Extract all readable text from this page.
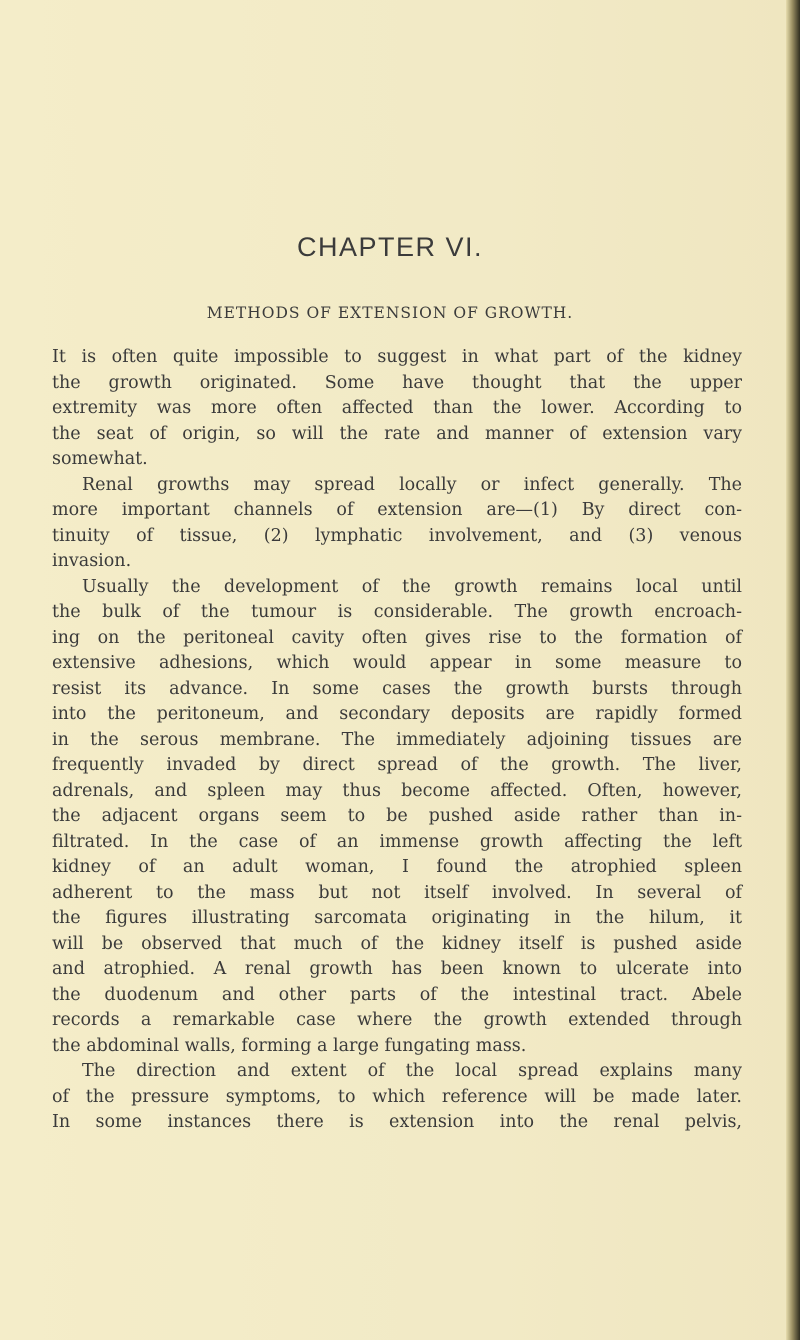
CHAPTER VI.
METHODS OF EXTENSION OF GROWTH.
It is often quite impossible to suggest in what part of the kidney
the growth originated. Some have thought that the upper
extremity was more often affected than the lower. According to
the seat of origin, so will the rate and manner of extension vary
somewhat.
Renal growths may spread locally or infect generally. The
more important channels of extension are—(1) By direct con-
tinuity of tissue, (2) lymphatic involvement, and (3) venous
invasion.
Usually the development of the growth remains local until
the bulk of the tumour is considerable. The growth encroach-
ing on the peritoneal cavity often gives rise to the formation of
extensive adhesions, which would appear in some measure to
resist its advance. In some cases the growth bursts through
into the peritoneum, and secondary deposits are rapidly formed
in the serous membrane. The immediately adjoining tissues are
frequently invaded by direct spread of the growth. The liver,
adrenals, and spleen may thus become affected. Often, however,
the adjacent organs seem to be pushed aside rather than in-
filtrated. In the case of an immense growth affecting the left
kidney of an adult woman, I found the atrophied spleen
adherent to the mass but not itself involved. In several of
the figures illustrating sarcomata originating in the hilum, it
will be observed that much of the kidney itself is pushed aside
and atrophied. A renal growth has been known to ulcerate into
the duodenum and other parts of the intestinal tract. Abele
records a remarkable case where the growth extended through
the abdominal walls, forming a large fungating mass.
The direction and extent of the local spread explains many
of the pressure symptoms, to which reference will be made later.
In some instances there is extension into the renal pelvis,
